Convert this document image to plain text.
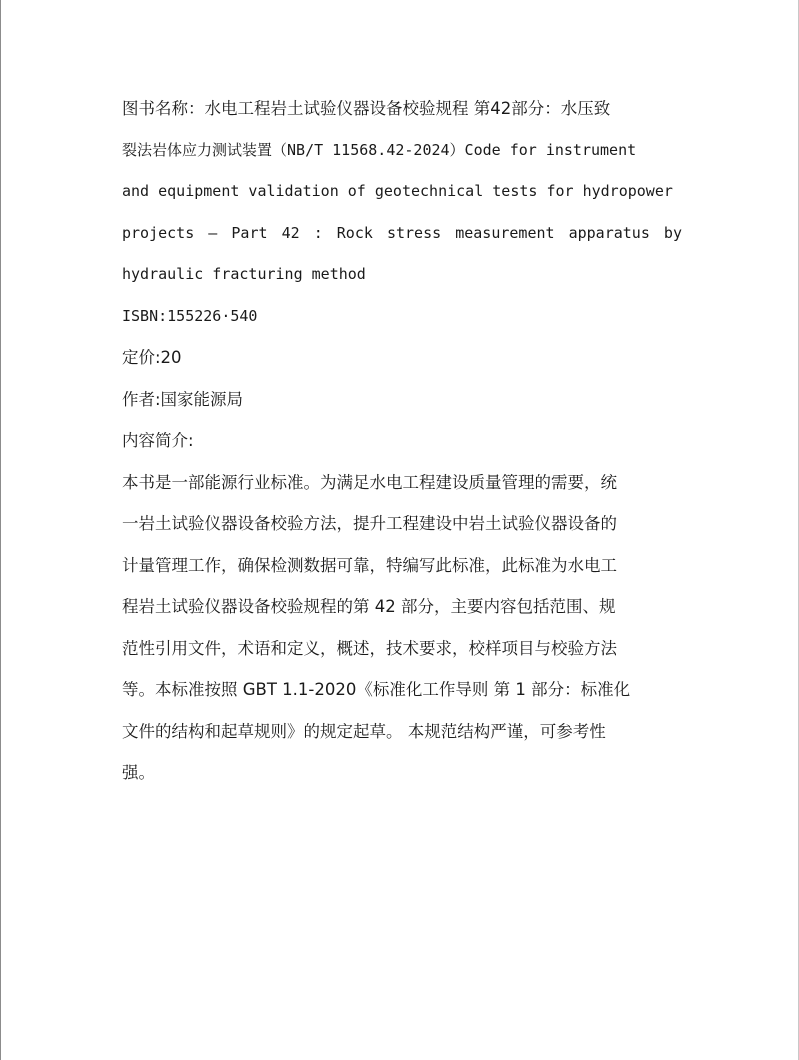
图书名称：水电工程岩土试验仪器设备校验规程 第42部分：水压致
裂法岩体应力测试装置（NB/T 11568.42-2024）Code for instrument
and equipment validation of geotechnical tests for hydropower
projects — Part 42 : Rock stress measurement apparatus by
hydraulic fracturing method
ISBN:155226·540
定价:20
作者:国家能源局
内容简介:
本书是一部能源行业标准。为满足水电工程建设质量管理的需要，统
一岩土试验仪器设备校验方法，提升工程建设中岩土试验仪器设备的
计量管理工作，确保检测数据可靠，特编写此标准，此标准为水电工
程岩土试验仪器设备校验规程的第 42 部分，主要内容包括范围、规
范性引用文件，术语和定义，概述，技术要求，校样项目与校验方法
等。本标准按照 GBT 1.1-2020《标准化工作导则 第 1 部分：标准化
文件的结构和起草规则》的规定起草。 本规范结构严谨，可参考性
强。
